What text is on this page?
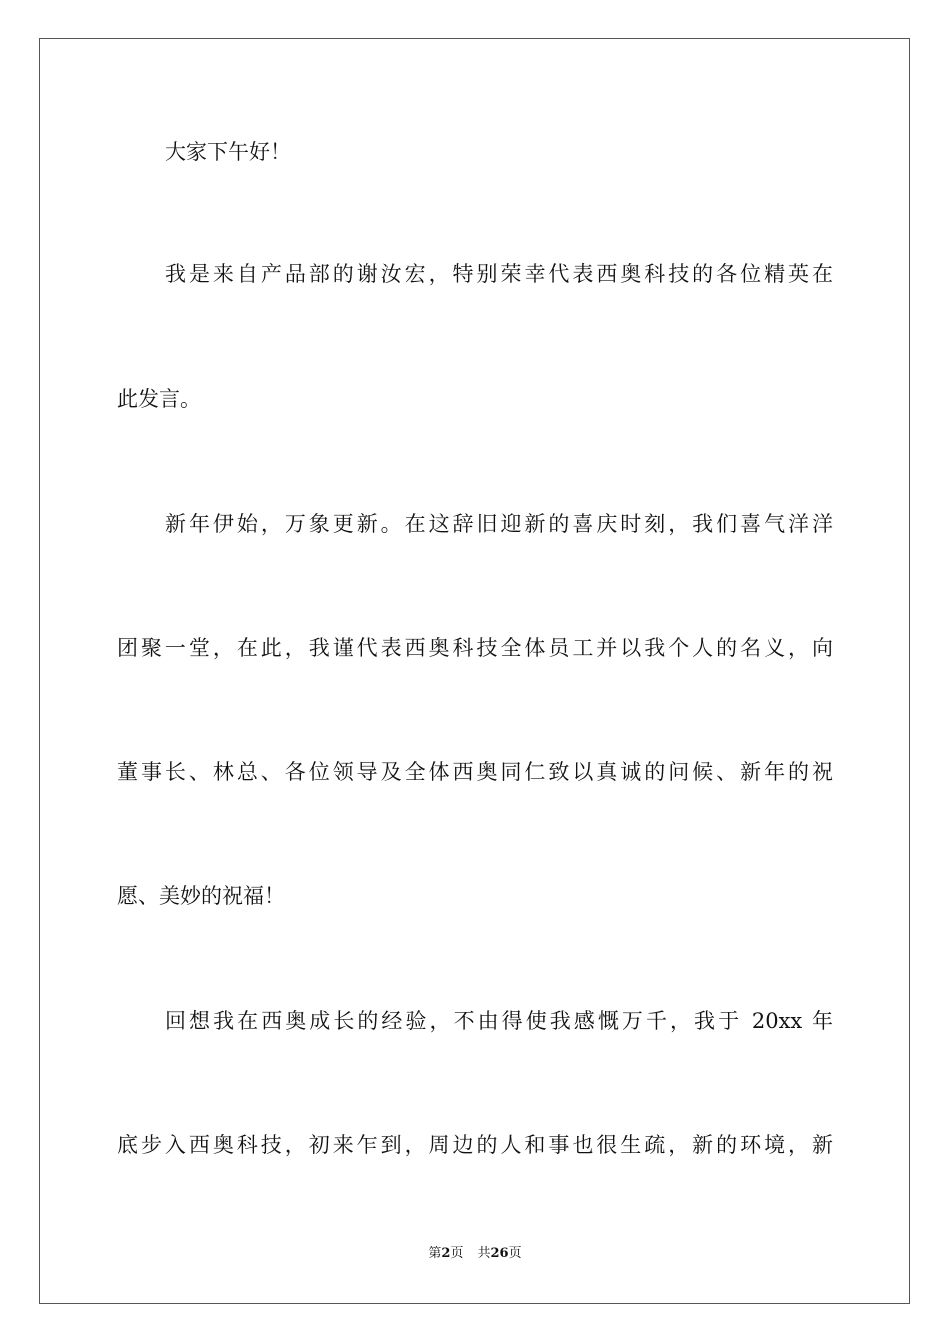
大家下午好！

我是来自产品部的谢汝宏，特别荣幸代表西奥科技的各位精英在

此发言。

新年伊始，万象更新。在这辞旧迎新的喜庆时刻，我们喜气洋洋

团聚一堂，在此，我谨代表西奥科技全体员工并以我个人的名义，向

董事长、林总、各位领导及全体西奥同仁致以真诚的问候、新年的祝

愿、美妙的祝福！

回想我在西奥成长的经验，不由得使我感慨万千，我于 20xx 年

底步入西奥科技，初来乍到，周边的人和事也很生疏，新的环境，新

第2页 共26页
